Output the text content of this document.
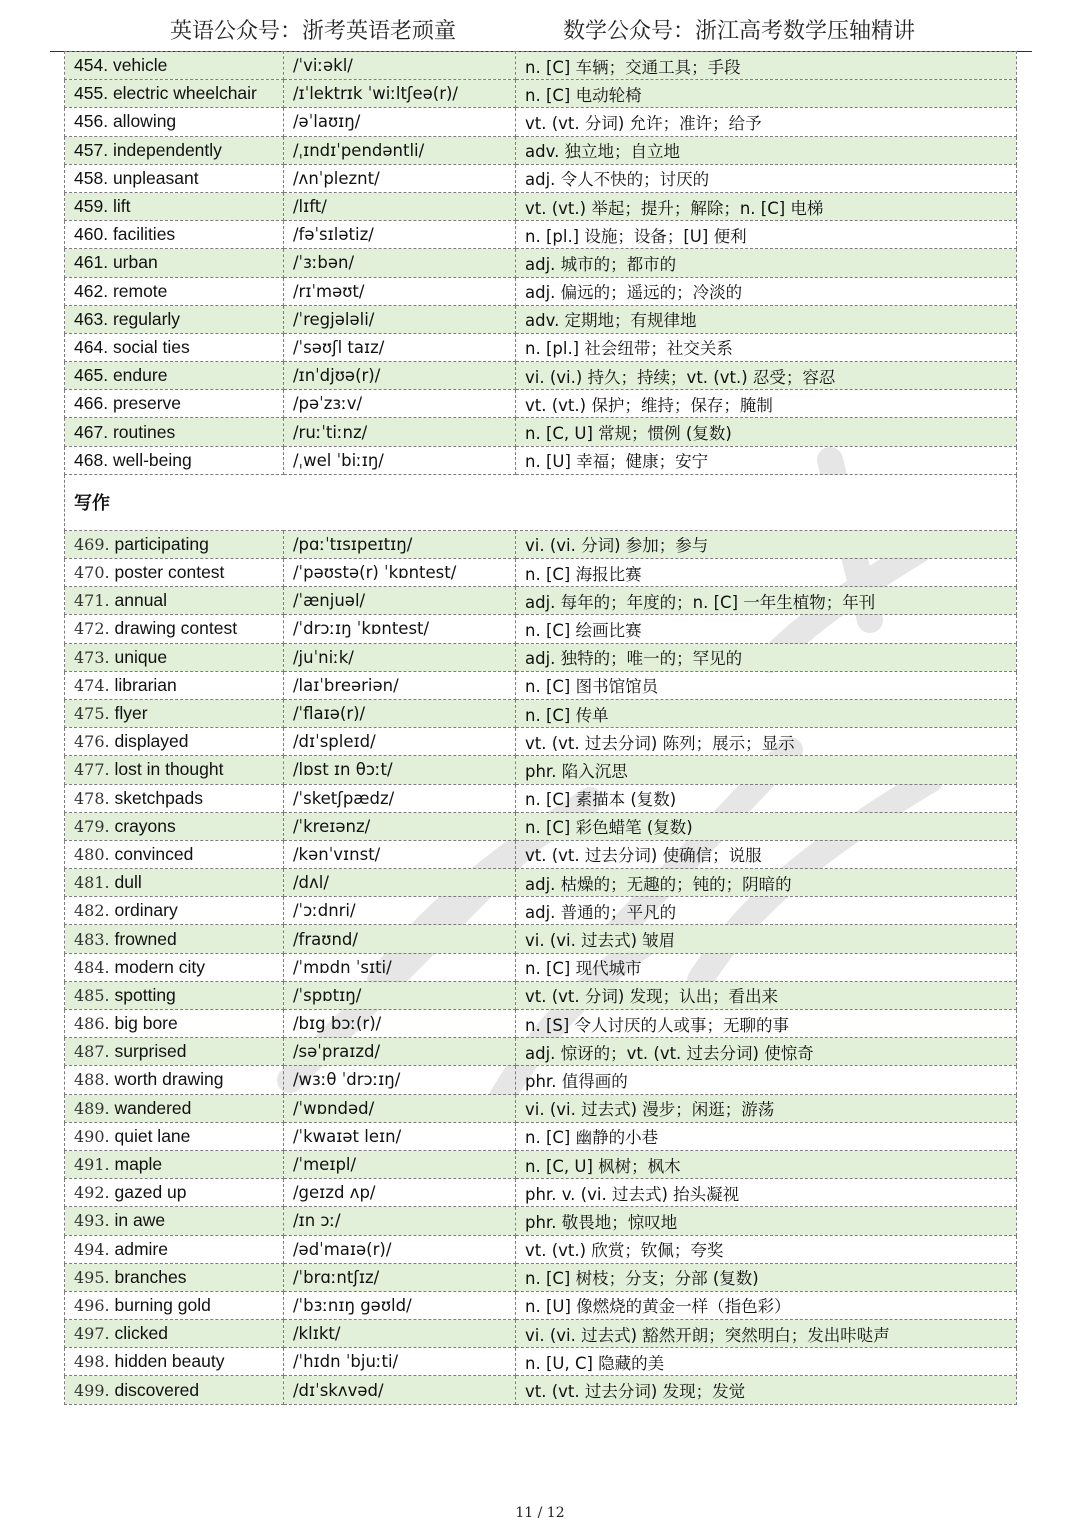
英语公众号：浙考英语老顽童	数学公众号：浙江高考数学压轴精讲
454. vehicle	/ˈviːəkl/	n. [C] 车辆；交通工具；手段
455. electric wheelchair	/ɪˈlektrɪk ˈwiːltʃeə(r)/	n. [C] 电动轮椅
456. allowing	/əˈlaʊɪŋ/	vt. (vt. 分词) 允许；准许；给予
457. independently	/ˌɪndɪˈpendəntli/	adv. 独立地；自立地
458. unpleasant	/ʌnˈpleznt/	adj. 令人不快的；讨厌的
459. lift	/lɪft/	vt. (vt.) 举起；提升；解除；n. [C] 电梯
460. facilities	/fəˈsɪlətiz/	n. [pl.] 设施；设备；[U] 便利
461. urban	/ˈɜːbən/	adj. 城市的；都市的
462. remote	/rɪˈməʊt/	adj. 偏远的；遥远的；冷淡的
463. regularly	/ˈregjələli/	adv. 定期地；有规律地
464. social ties	/ˈsəʊʃl taɪz/	n. [pl.] 社会纽带；社交关系
465. endure	/ɪnˈdjʊə(r)/	vi. (vi.) 持久；持续；vt. (vt.) 忍受；容忍
466. preserve	/pəˈzɜːv/	vt. (vt.) 保护；维持；保存；腌制
467. routines	/ruːˈtiːnz/	n. [C, U] 常规；惯例 (复数)
468. well-being	/ˌwel ˈbiːɪŋ/	n. [U] 幸福；健康；安宁
写作		
469. participating	/pɑːˈtɪsɪpeɪtɪŋ/	vi. (vi. 分词) 参加；参与
470. poster contest	/ˈpəʊstə(r) ˈkɒntest/	n. [C] 海报比赛
471. annual	/ˈænjuəl/	adj. 每年的；年度的；n. [C] 一年生植物；年刊
472. drawing contest	/ˈdrɔːɪŋ ˈkɒntest/	n. [C] 绘画比赛
473. unique	/juˈniːk/	adj. 独特的；唯一的；罕见的
474. librarian	/laɪˈbreəriən/	n. [C] 图书馆馆员
475. flyer	/ˈflaɪə(r)/	n. [C] 传单
476. displayed	/dɪˈspleɪd/	vt. (vt. 过去分词) 陈列；展示；显示
477. lost in thought	/lɒst ɪn θɔːt/	phr. 陷入沉思
478. sketchpads	/ˈsketʃpædz/	n. [C] 素描本 (复数)
479. crayons	/ˈkreɪənz/	n. [C] 彩色蜡笔 (复数)
480. convinced	/kənˈvɪnst/	vt. (vt. 过去分词) 使确信；说服
481. dull	/dʌl/	adj. 枯燥的；无趣的；钝的；阴暗的
482. ordinary	/ˈɔːdnri/	adj. 普通的；平凡的
483. frowned	/fraʊnd/	vi. (vi. 过去式) 皱眉
484. modern city	/ˈmɒdn ˈsɪti/	n. [C] 现代城市
485. spotting	/ˈspɒtɪŋ/	vt. (vt. 分词) 发现；认出；看出来
486. big bore	/bɪg bɔː(r)/	n. [S] 令人讨厌的人或事；无聊的事
487. surprised	/səˈpraɪzd/	adj. 惊讶的；vt. (vt. 过去分词) 使惊奇
488. worth drawing	/wɜːθ ˈdrɔːɪŋ/	phr. 值得画的
489. wandered	/ˈwɒndəd/	vi. (vi. 过去式) 漫步；闲逛；游荡
490. quiet lane	/ˈkwaɪət leɪn/	n. [C] 幽静的小巷
491. maple	/ˈmeɪpl/	n. [C, U] 枫树；枫木
492. gazed up	/geɪzd ʌp/	phr. v. (vi. 过去式) 抬头凝视
493. in awe	/ɪn ɔː/	phr. 敬畏地；惊叹地
494. admire	/ədˈmaɪə(r)/	vt. (vt.) 欣赏；钦佩；夸奖
495. branches	/ˈbrɑːntʃɪz/	n. [C] 树枝；分支；分部 (复数)
496. burning gold	/ˈbɜːnɪŋ gəʊld/	n. [U] 像燃烧的黄金一样（指色彩）
497. clicked	/klɪkt/	vi. (vi. 过去式) 豁然开朗；突然明白；发出咔哒声
498. hidden beauty	/ˈhɪdn ˈbjuːti/	n. [U, C] 隐藏的美
499. discovered	/dɪˈskʌvəd/	vt. (vt. 过去分词) 发现；发觉
11 / 12
